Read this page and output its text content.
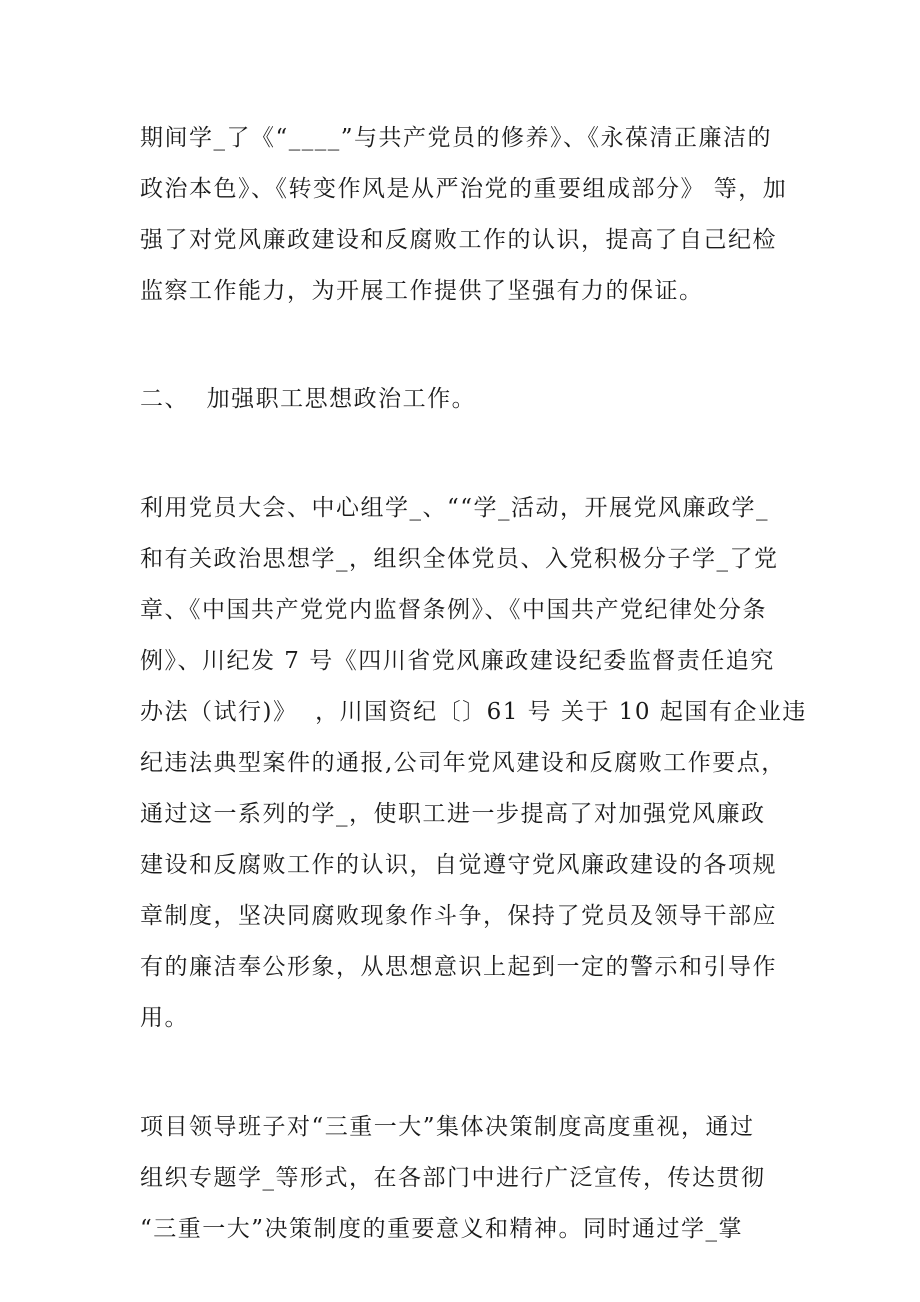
期间学_了《“____”与共产党员的修养》、《永葆清正廉洁的
政治本色》、《转变作风是从严治党的重要组成部分》 等，加
强了对党风廉政建设和反腐败工作的认识，提高了自己纪检
监察工作能力，为开展工作提供了坚强有力的保证。
二、  加强职工思想政治工作。
利用党员大会、中心组学_、““学_活动，开展党风廉政学_
和有关政治思想学_，组织全体党员、入党积极分子学_了党
章、《中国共产党党内监督条例》、《中国共产党纪律处分条
例》、川纪发 7 号《四川省党风廉政建设纪委监督责任追究
办法（试行)》  ，川国资纪〔〕61 号 关于 10 起国有企业违
纪违法典型案件的通报,公司年党风建设和反腐败工作要点，
通过这一系列的学_，使职工进一步提高了对加强党风廉政
建设和反腐败工作的认识，自觉遵守党风廉政建设的各项规
章制度，坚决同腐败现象作斗争，保持了党员及领导干部应
有的廉洁奉公形象，从思想意识上起到一定的警示和引导作
用。
项目领导班子对“三重一大”集体决策制度高度重视，通过
组织专题学_等形式，在各部门中进行广泛宣传，传达贯彻
“三重一大”决策制度的重要意义和精神。同时通过学_掌
